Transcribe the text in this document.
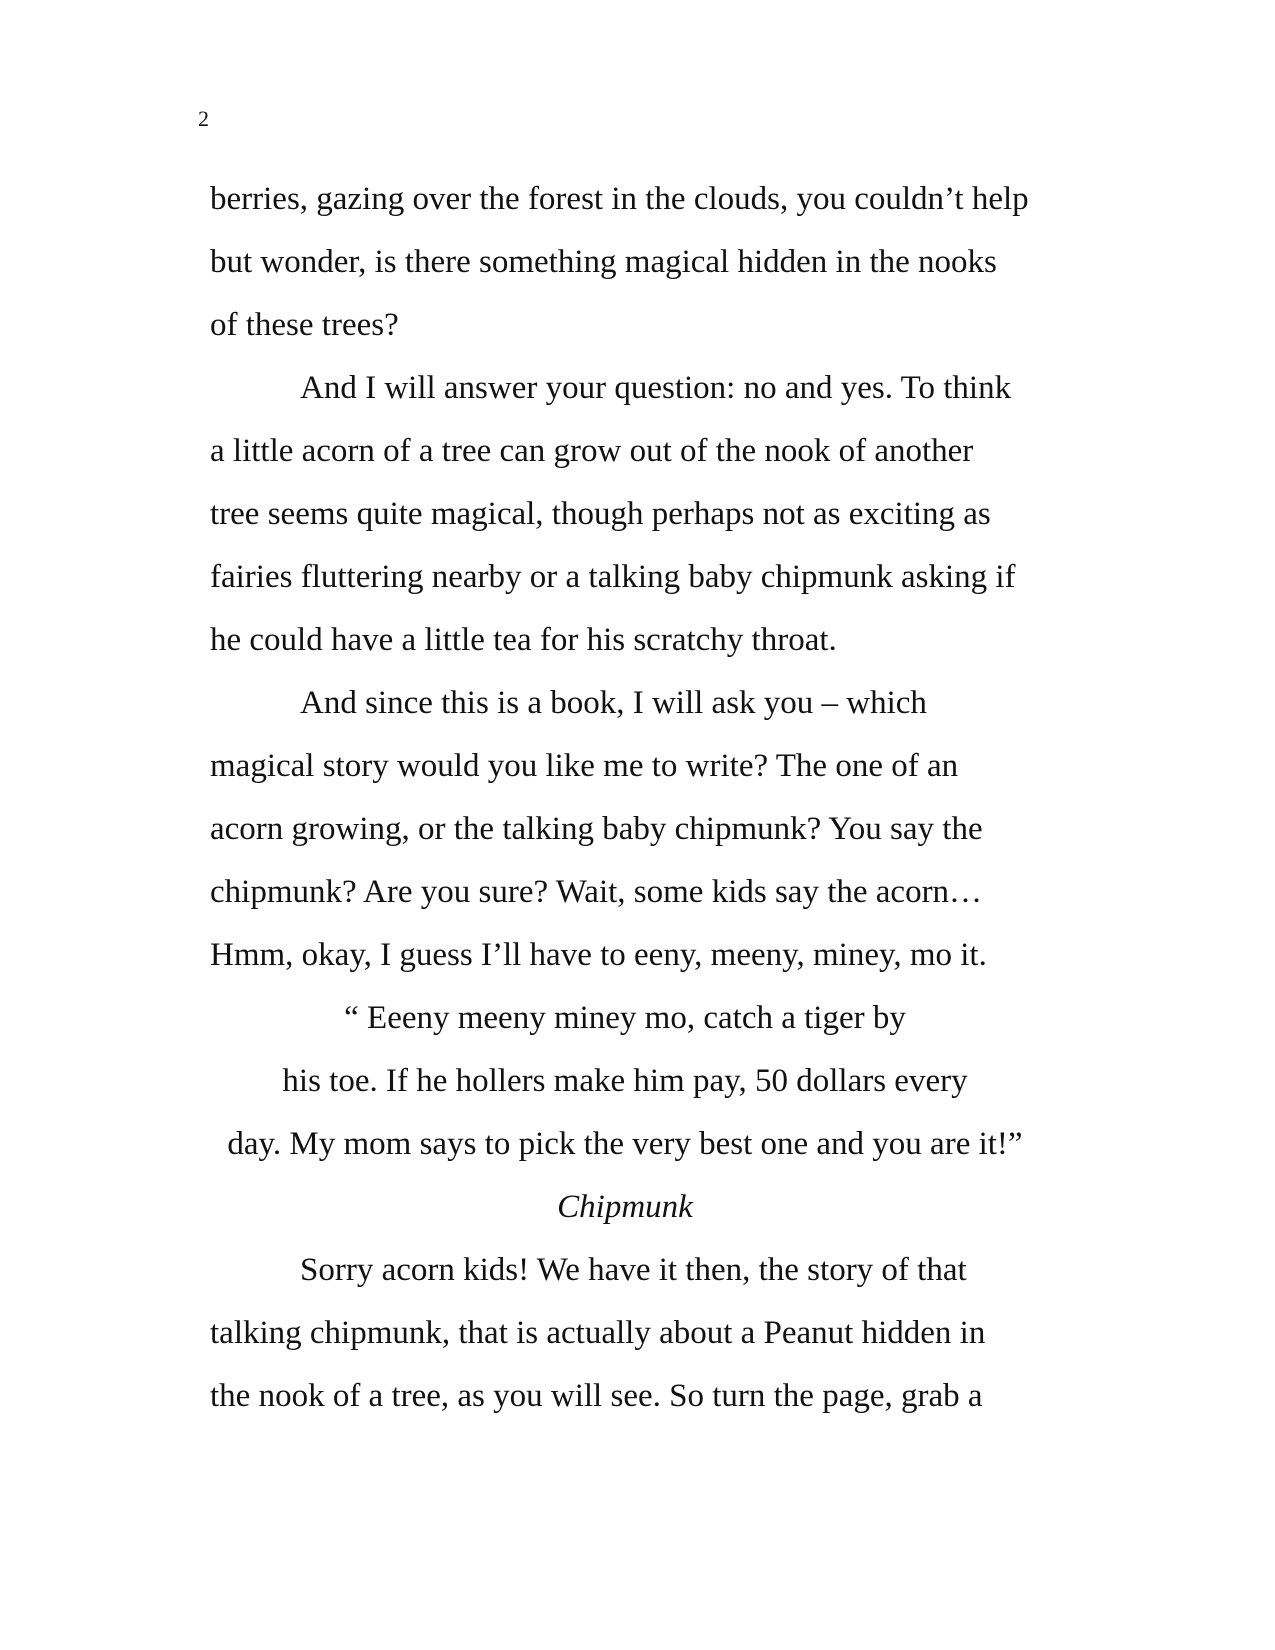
2
berries, gazing over the forest in the clouds, you couldn’t help
but wonder, is there something magical hidden in the nooks
of these trees?
And I will answer your question: no and yes. To think
a little acorn of a tree can grow out of the nook of another
tree seems quite magical, though perhaps not as exciting as
fairies fluttering nearby or a talking baby chipmunk asking if
he could have a little tea for his scratchy throat.
And since this is a book, I will ask you – which
magical story would you like me to write? The one of an
acorn growing, or the talking baby chipmunk? You say the
chipmunk? Are you sure? Wait, some kids say the acorn…
Hmm, okay, I guess I’ll have to eeny, meeny, miney, mo it.
“ Eeeny meeny miney mo, catch a tiger by
his toe. If he hollers make him pay, 50 dollars every
day. My mom says to pick the very best one and you are it!”
Chipmunk
Sorry acorn kids! We have it then, the story of that
talking chipmunk, that is actually about a Peanut hidden in
the nook of a tree, as you will see. So turn the page, grab a
